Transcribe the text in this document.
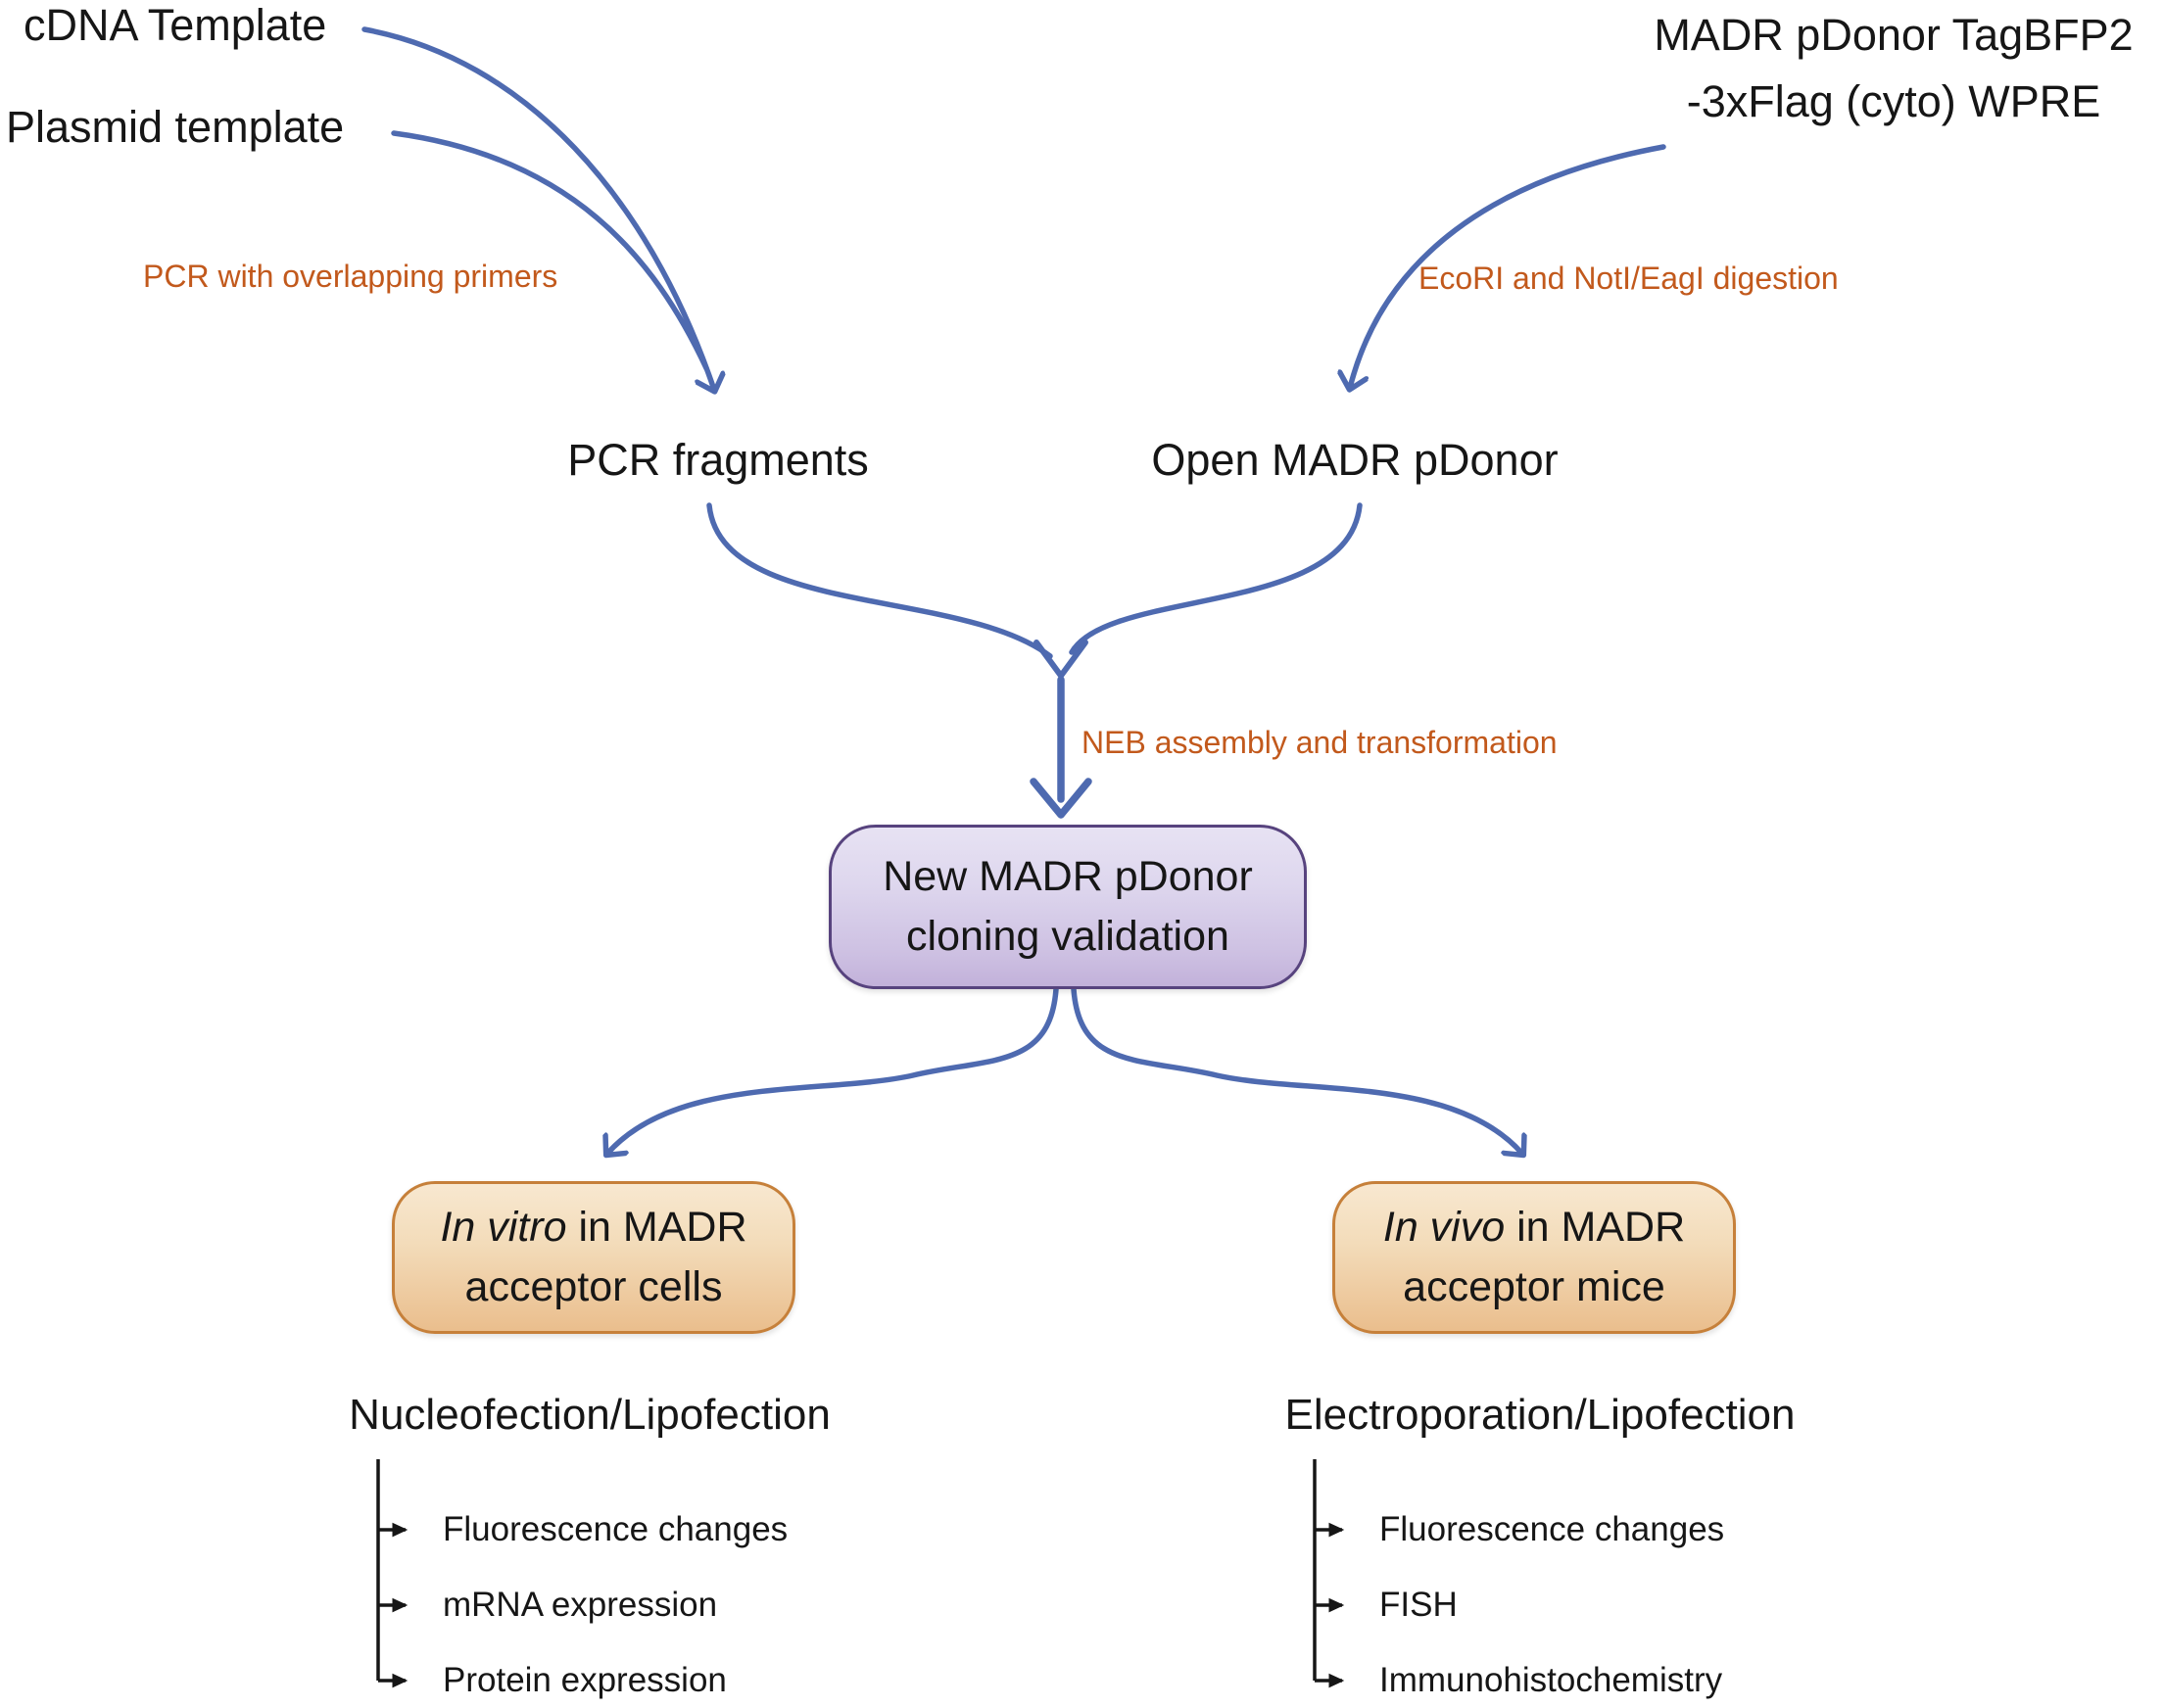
cDNA Template
Plasmid template
MADR pDonor TagBFP2
-3xFlag (cyto) WPRE
PCR with overlapping primers	EcoRI and NotI/EagI digestion
NEB assembly and transformation
PCR fragments	Open MADR pDonor
New MADR pDonor
cloning validation
In vitro in MADR
acceptor cells
In vivo in MADR
acceptor mice
Nucleofection/Lipofection	Electroporation/Lipofection
Fluorescence changes
mRNA expression
Protein expression
Fluorescence changes
FISH
Immunohistochemistry
